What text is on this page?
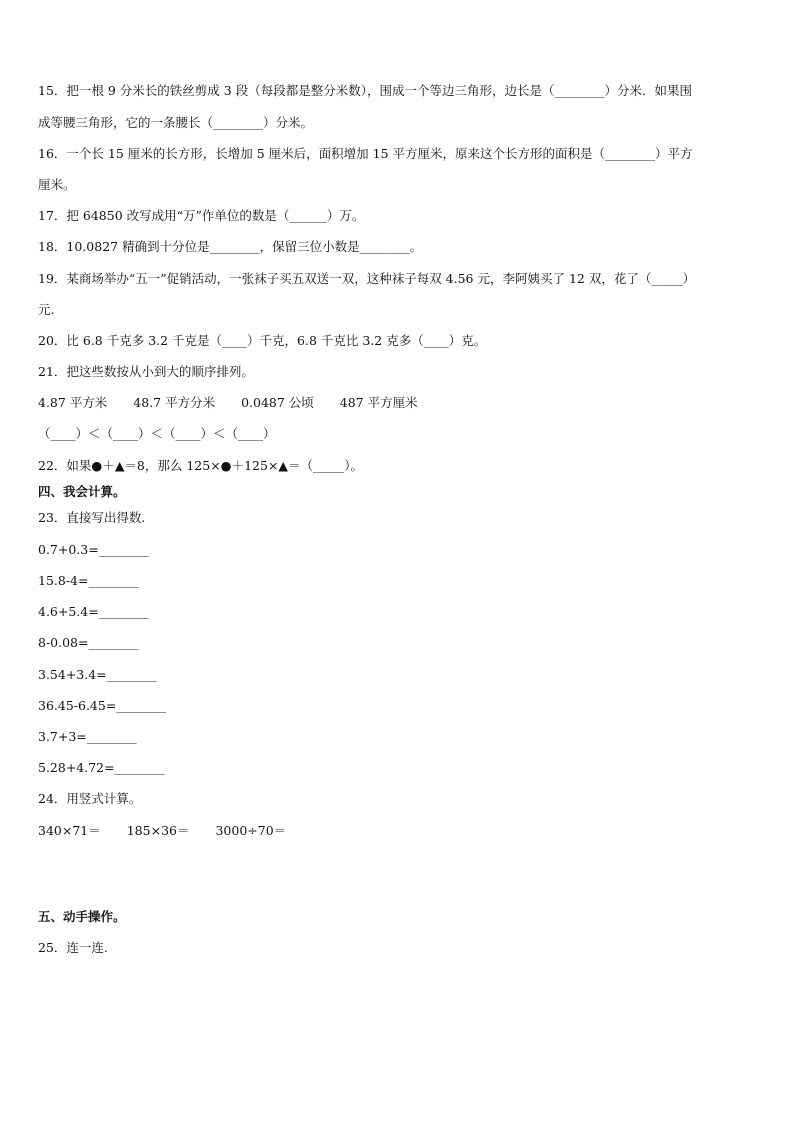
15．把一根 9 分米长的铁丝剪成 3 段（每段都是整分米数），围成一个等边三角形，边长是（________）分米．如果围
成等腰三角形，它的一条腰长（________）分米。
16．一个长 15 厘米的长方形，长增加 5 厘米后，面积增加 15 平方厘米，原来这个长方形的面积是（________）平方
厘米。
17．把 64850 改写成用“万”作单位的数是（______）万。
18．10.0827 精确到十分位是________，保留三位小数是________。
19．某商场举办“五一”促销活动，一张袜子买五双送一双，这种袜子每双 4.56 元，李阿姨买了 12 双，花了（_____）
元.
20．比 6.8 千克多 3.2 千克是（____）千克，6.8 千克比 3.2 克多（____）克。
21．把这些数按从小到大的顺序排列。
4.87 平方米 48.7 平方分米 0.0487 公顷 487 平方厘米
（____）＜（____）＜（____）＜（____）
22．如果●＋▲＝8，那么 125×●＋125×▲＝（_____）。
四、我会计算。
23．直接写出得数.
0.7+0.3=________
15.8-4=________
4.6+5.4=________
8-0.08=________
3.54+3.4=________
36.45-6.45=________
3.7+3=________
5.28+4.72=________
24．用竖式计算。
340×71＝ 185×36＝ 3000÷70＝
五、动手操作。
25．连一连.
